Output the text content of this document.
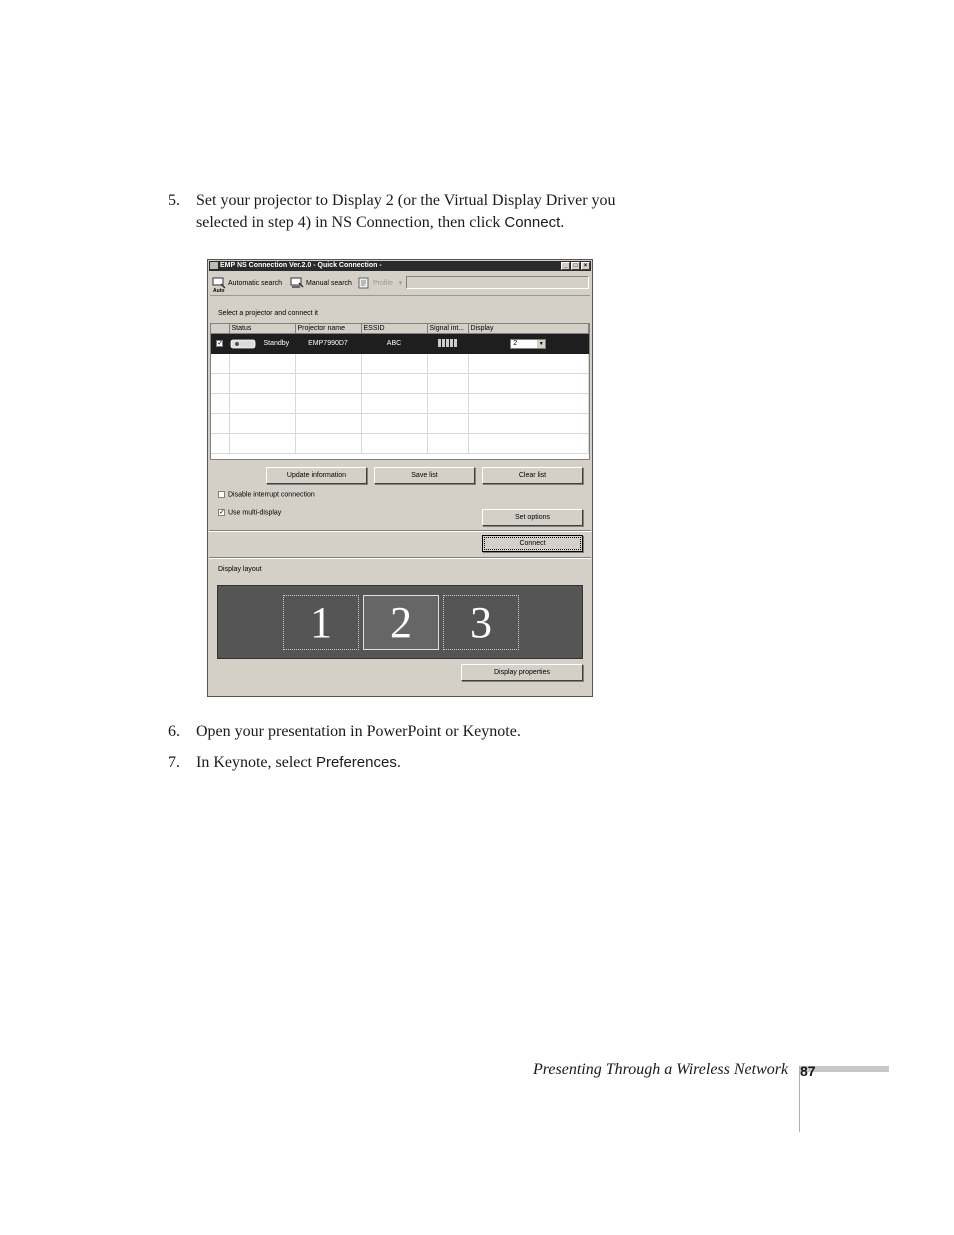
5. Set your projector to Display 2 (or the Virtual Display Driver you
selected in step 4) in NS Connection, then click Connect.
EMP NS Connection Ver.2.0 - Quick Connection -	_ □ ×
Automatic search
Auto
Manual search	Profile ▾
Select a projector and connect it
	Status	Projector name	ESSID	Signal int...	Display
✓	Standby	EMP7990D7	ABC		2 ▼

Update information	Save list	Clear list
Disable interrupt connection
✓ Use multi-display
Set options
Connect
Display layout
1	2	3
Display properties
6. Open your presentation in PowerPoint or Keynote.
7. In Keynote, select Preferences.
Presenting Through a Wireless Network 87
